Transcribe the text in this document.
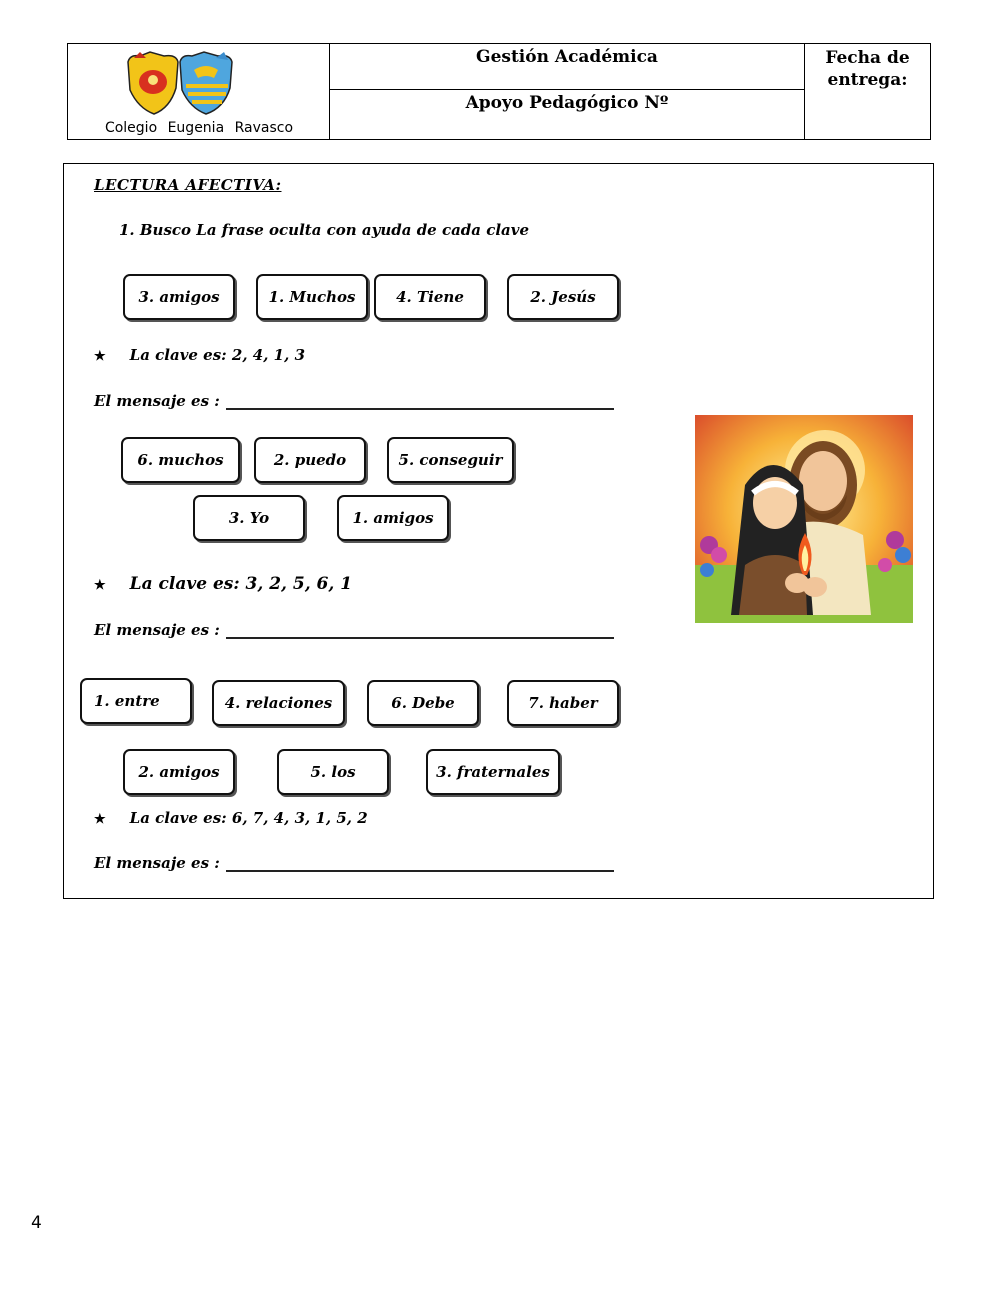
Colegio Eugenia Ravasco
Gestión Académica
Apoyo Pedagógico Nº
Fecha de
entrega:
LECTURA AFECTIVA:
1. Busco La frase oculta con ayuda de cada clave
3. amigos	1. Muchos	4. Tiene	2. Jesús
★ La clave es: 2, 4, 1, 3
El mensaje es :
6. muchos	2. puedo	5. conseguir
3. Yo	1. amigos
★ La clave es: 3, 2, 5, 6, 1
El mensaje es :
1. entre	4. relaciones	6. Debe	7. haber
2. amigos	5. los	3. fraternales
★ La clave es: 6, 7, 4, 3, 1, 5, 2
El mensaje es :
4
